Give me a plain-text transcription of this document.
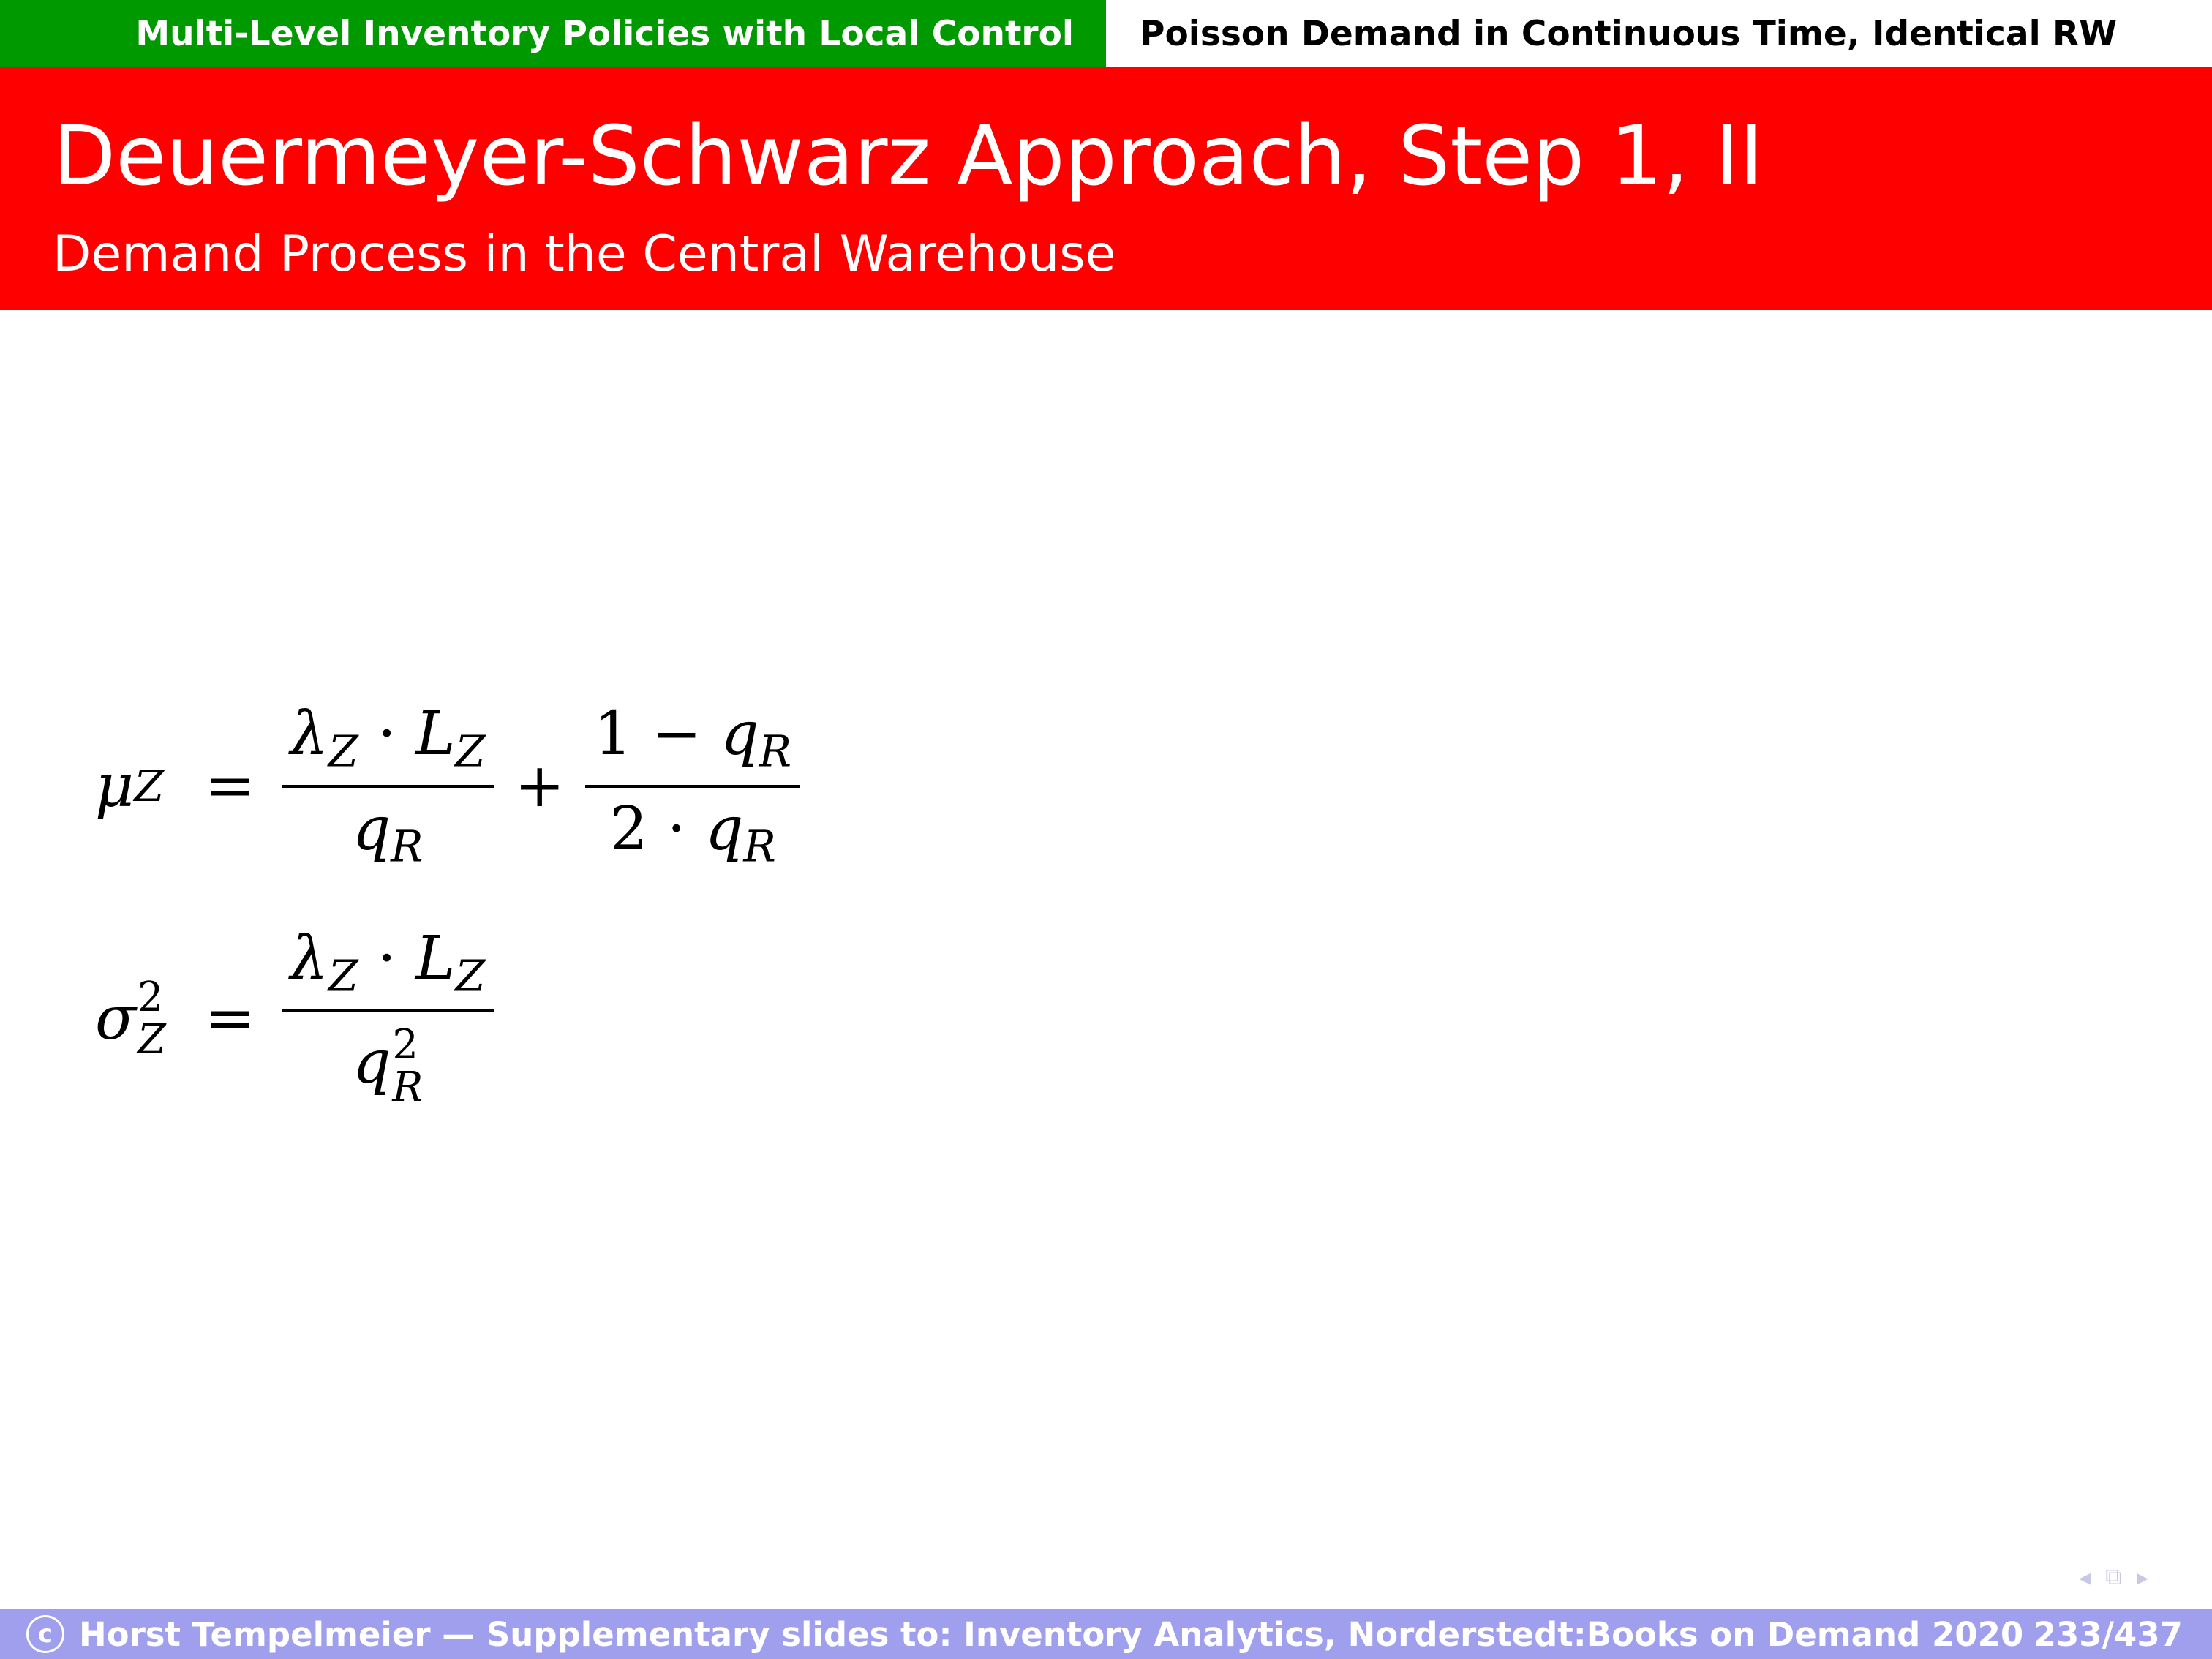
Multi-Level Inventory Policies with Local Control	Poisson Demand in Continuous Time, Identical RW
Deuermeyer-Schwarz Approach, Step 1, II
Demand Process in the Central Warehouse
μ $Z = \frac{\lambda_Z \cdot L_Z}{q_R} + \frac{1 - q_R}{2 \cdot q_R}$
σ 2
$Z = \lambda_Z \cdot L_Z$
q 2
R
◂ ⧉ ▸
c Horst Tempelmeier — Supplementary slides to: Inventory Analytics, Norderstedt:Books on Demand 2020 233/437
